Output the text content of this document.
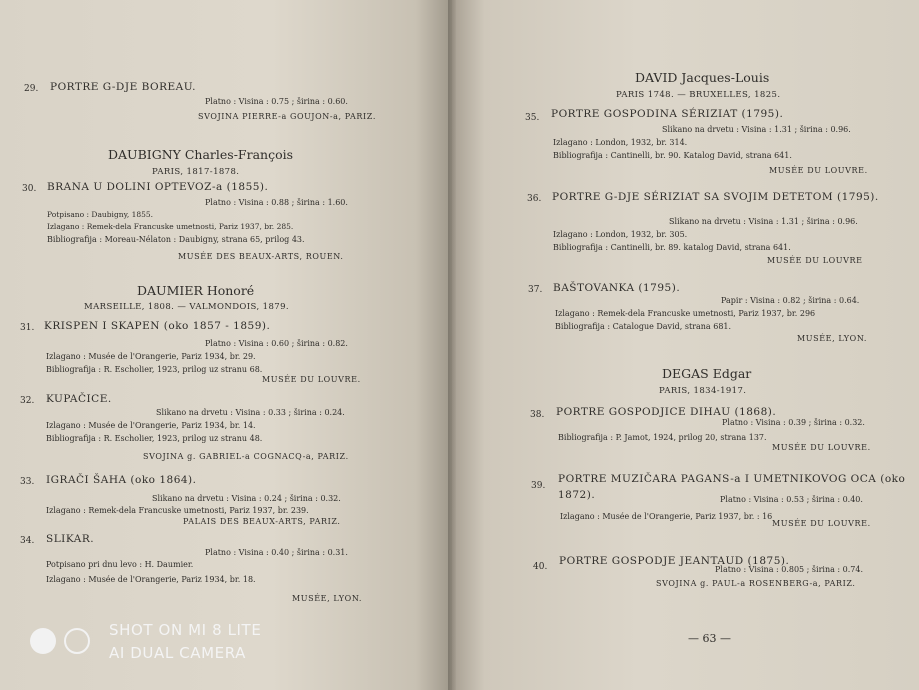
29. PORTRE G-DJE BOREAU.
Platno : Visina : 0.75 ; širina : 0.60.
SVOJINA PIERRE-a GOUJON-a, PARIZ.
DAUBIGNY Charles-François
PARIS, 1817-1878.
30. BRANA U DOLINI OPTEVOZ-a (1855).
Platno : Visina : 0.88 ; širina : 1.60.
Potpisano : Daubigny, 1855.
Izlagano : Remek-dela Francuske umetnosti, Pariz 1937, br. 285.
Bibliografija : Moreau-Nélaton : Daubigny, strana 65, prilog 43.
MUSÉE DES BEAUX-ARTS, ROUEN.
DAUMIER Honoré
MARSEILLE, 1808. — VALMONDOIS, 1879.
31. KRISPEN I SKAPEN (oko 1857 - 1859).
Platno : Visina : 0.60 ; širina : 0.82.
Izlagano : Musée de l'Orangerie, Pariz 1934, br. 29.
Bibliografija : R. Escholier, 1923, prilog uz stranu 68.
MUSÉE DU LOUVRE.
32. KUPAČICE.
Slikano na drvetu : Visina : 0.33 ; širina : 0.24.
Izlagano : Musée de l'Orangerie, Pariz 1934, br. 14.
Bibliografija : R. Escholier, 1923, prilog uz stranu 48.
SVOJINA g. GABRIEL-a COGNACQ-a, PARIZ.
33. IGRAČI ŠAHA (oko 1864).
Slikano na drvetu : Visina : 0.24 ; širina : 0.32.
Izlagano : Remek-dela Francuske umetnosti, Pariz 1937, br. 239.
PALAIS DES BEAUX-ARTS, PARIZ.
34. SLIKAR.
Platno : Visina : 0.40 ; širina : 0.31.
Potpisano pri dnu levo : H. Daumier.
Izlagano : Musée de l'Orangerie, Pariz 1934, br. 18.
MUSÉE, LYON.
DAVID Jacques-Louis
PARIS 1748. — BRUXELLES, 1825.
35. PORTRE GOSPODINA SÉRIZIAT (1795).
Slikano na drvetu : Visina : 1.31 ; širina : 0.96.
Izlagano : London, 1932, br. 314.
Bibliografija : Cantinelli, br. 90. Katalog David, strana 641.
MUSÉE DU LOUVRE.
36. PORTRE G-DJE SÉRIZIAT SA SVOJIM DETETOM (1795).
Slikano na drvetu : Visina : 1.31 ; širina : 0.96.
Izlagano : London, 1932, br. 305.
Bibliografija : Cantinelli, br. 89. katalog David, strana 641.
MUSÉE DU LOUVRE
37. BAŠTOVANKA (1795).
Papir : Visina : 0.82 ; širina : 0.64.
Izlagano : Remek-dela Francuske umetnosti, Pariz 1937, br. 296
Bibliografija : Catalogue David, strana 681.
MUSÉE, LYON.
DEGAS Edgar
PARIS, 1834-1917.
38. PORTRE GOSPODJICE DIHAU (1868).
Platno : Visina : 0.39 ; širina : 0.32.
Bibliografija : P. Jamot, 1924, prilog 20, strana 137.
MUSÉE DU LOUVRE.
39.
PORTRE MUZIČARA PAGANS-a I UMETNIKOVOG OCA (oko
1872).	Platno : Visina : 0.53 ; širina : 0.40.
Izlagano : Musée de l'Orangerie, Pariz 1937, br. : 16
MUSÉE DU LOUVRE.
40. PORTRE GOSPODJE JEANTAUD (1875).
Platno : Visina : 0.805 ; širina : 0.74.
SVOJINA g. PAUL-a ROSENBERG-a, PARIZ.
— 63 —
SHOT ON MI 8 LITE
AI DUAL CAMERA
